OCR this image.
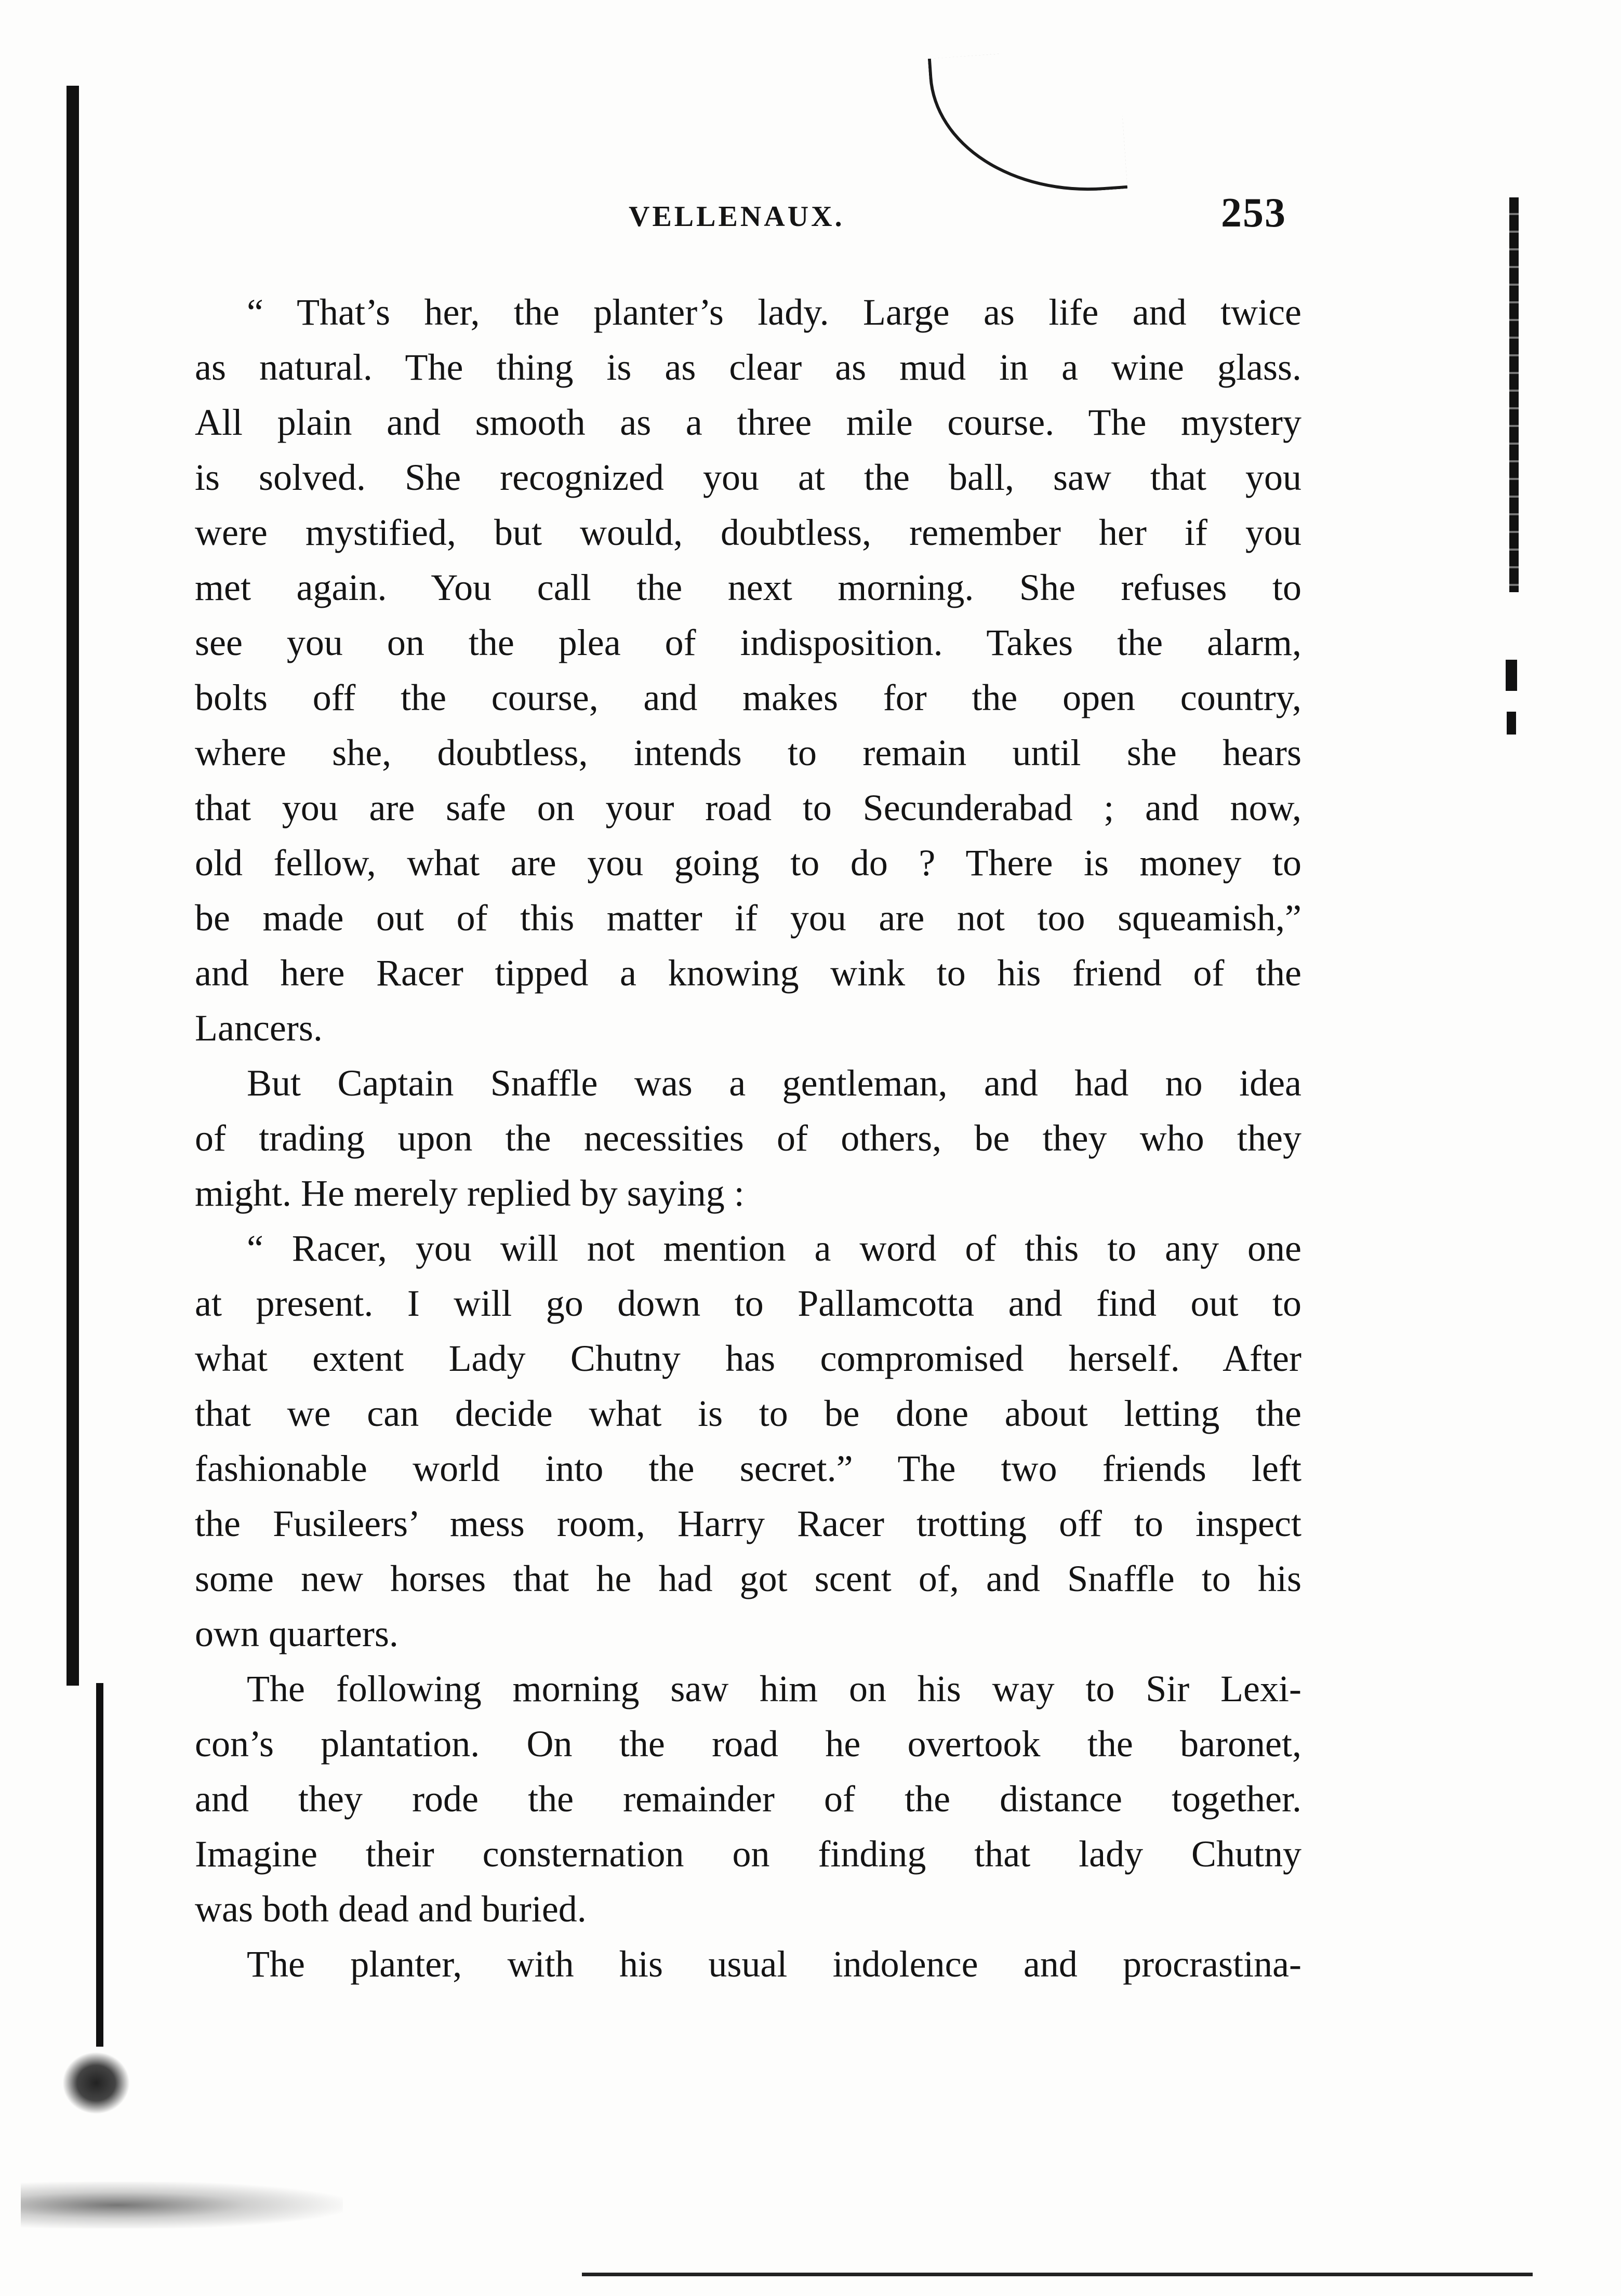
VELLENAUX.	253
“ That’s her, the planter’s lady. Large as life and twice
as natural. The thing is as clear as mud in a wine glass.
All plain and smooth as a three mile course. The mystery
is solved. She recognized you at the ball, saw that you
were mystified, but would, doubtless, remember her if you
met again. You call the next morning. She refuses to
see you on the plea of indisposition. Takes the alarm,
bolts off the course, and makes for the open country,
where she, doubtless, intends to remain until she hears
that you are safe on your road to Secunderabad ; and now,
old fellow, what are you going to do ? There is money to
be made out of this matter if you are not too squeamish,”
and here Racer tipped a knowing wink to his friend of the
Lancers.
But Captain Snaffle was a gentleman, and had no idea
of trading upon the necessities of others, be they who they
might. He merely replied by saying :
“ Racer, you will not mention a word of this to any one
at present. I will go down to Pallamcotta and find out to
what extent Lady Chutny has compromised herself. After
that we can decide what is to be done about letting the
fashionable world into the secret.” The two friends left
the Fusileers’ mess room, Harry Racer trotting off to inspect
some new horses that he had got scent of, and Snaffle to his
own quarters.
The following morning saw him on his way to Sir Lexi-
con’s plantation. On the road he overtook the baronet,
and they rode the remainder of the distance together.
Imagine their consternation on finding that lady Chutny
was both dead and buried.
The planter, with his usual indolence and procrastina-
